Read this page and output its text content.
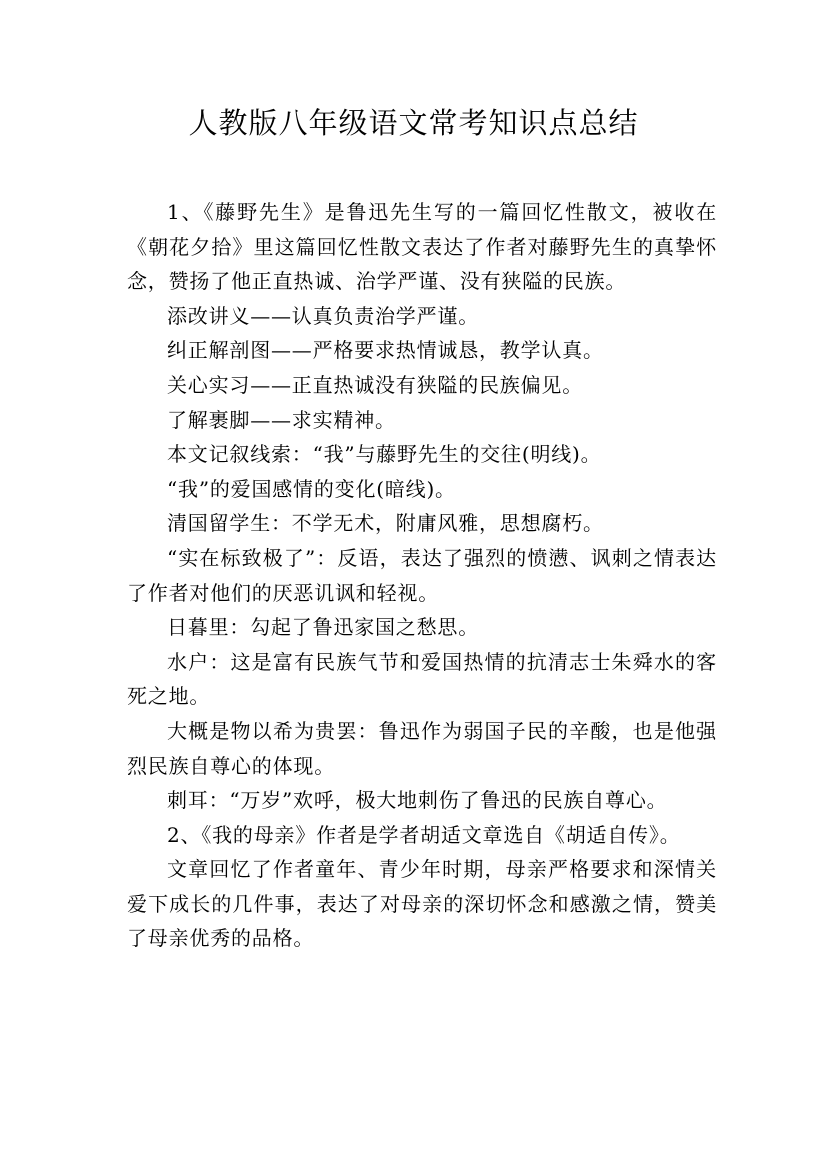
人教版八年级语文常考知识点总结

1、《藤野先生》是鲁迅先生写的一篇回忆性散文，被收在《朝花夕拾》里这篇回忆性散文表达了作者对藤野先生的真挚怀念，赞扬了他正直热诚、治学严谨、没有狭隘的民族。

添改讲义——认真负责治学严谨。

纠正解剖图——严格要求热情诚恳，教学认真。

关心实习——正直热诚没有狭隘的民族偏见。

了解裹脚——求实精神。

本文记叙线索：“我”与藤野先生的交往(明线)。

“我”的爱国感情的变化(暗线)。

清国留学生：不学无术，附庸风雅，思想腐朽。

“实在标致极了”：反语，表达了强烈的愤懑、讽刺之情表达了作者对他们的厌恶讥讽和轻视。

日暮里：勾起了鲁迅家国之愁思。

水户：这是富有民族气节和爱国热情的抗清志士朱舜水的客死之地。

大概是物以希为贵罢：鲁迅作为弱国子民的辛酸，也是他强烈民族自尊心的体现。

刺耳：“万岁”欢呼，极大地刺伤了鲁迅的民族自尊心。

2、《我的母亲》作者是学者胡适文章选自《胡适自传》。

文章回忆了作者童年、青少年时期，母亲严格要求和深情关爱下成长的几件事，表达了对母亲的深切怀念和感激之情，赞美了母亲优秀的品格。
